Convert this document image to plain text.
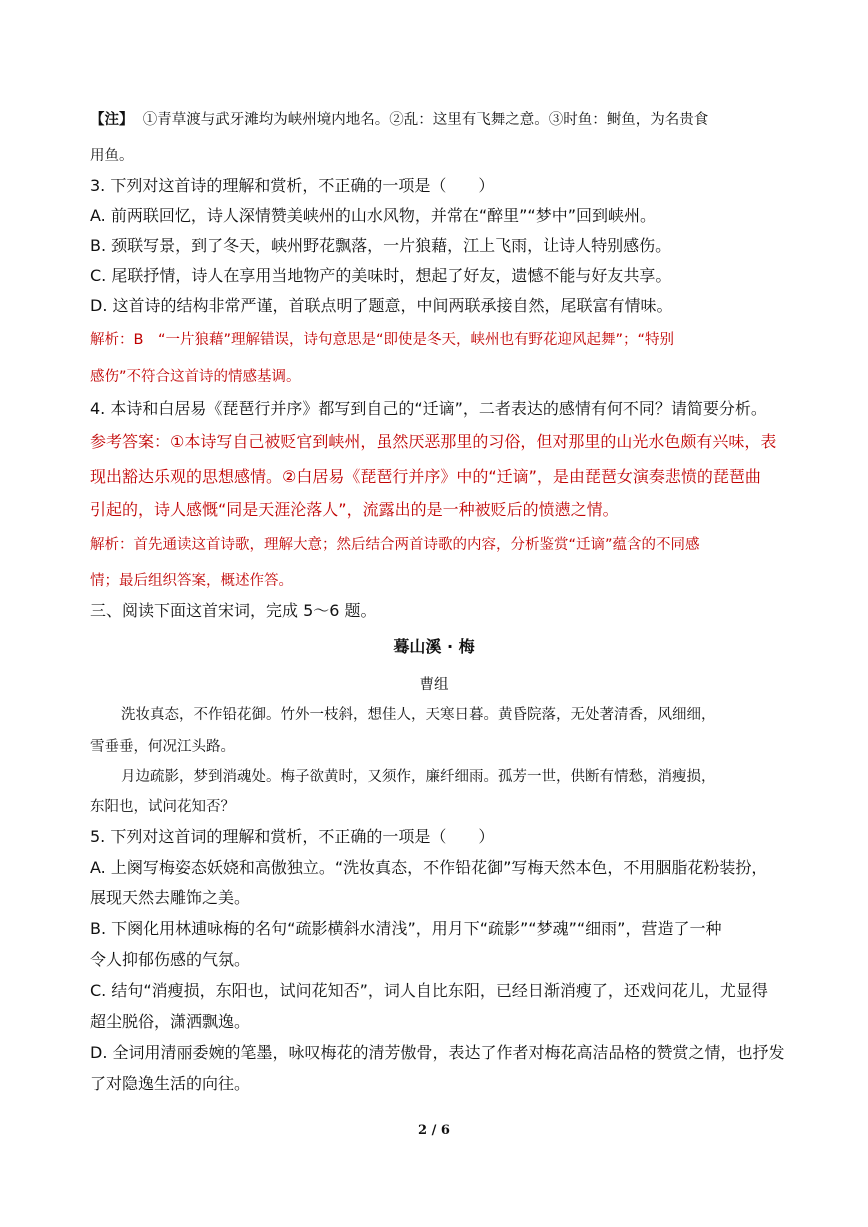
【注】 ①青草渡与武牙滩均为峡州境内地名。②乱：这里有飞舞之意。③时鱼：鲥鱼，为名贵食
用鱼。
3. 下列对这首诗的理解和赏析，不正确的一项是（　　）
A. 前两联回忆，诗人深情赞美峡州的山水风物，并常在“醉里”“梦中”回到峡州。
B. 颈联写景，到了冬天，峡州野花飘落，一片狼藉，江上飞雨，让诗人特别感伤。
C. 尾联抒情，诗人在享用当地物产的美味时，想起了好友，遗憾不能与好友共享。
D. 这首诗的结构非常严谨，首联点明了题意，中间两联承接自然，尾联富有情味。
解析：B　“一片狼藉”理解错误，诗句意思是“即使是冬天，峡州也有野花迎风起舞”；“特别
感伤”不符合这首诗的情感基调。
4. 本诗和白居易《琵琶行并序》都写到自己的“迁谪”，二者表达的感情有何不同？请简要分析。
参考答案：①本诗写自己被贬官到峡州，虽然厌恶那里的习俗，但对那里的山光水色颇有兴味，表
现出豁达乐观的思想感情。②白居易《琵琶行并序》中的“迁谪”，是由琵琶女演奏悲愤的琵琶曲
引起的，诗人感慨“同是天涯沦落人”，流露出的是一种被贬后的愤懑之情。
解析：首先通读这首诗歌，理解大意；然后结合两首诗歌的内容，分析鉴赏“迁谪”蕴含的不同感
情；最后组织答案，概述作答。
三、阅读下面这首宋词，完成 5～6 题。
蓦山溪 · 梅
曹组
洗妆真态，不作铅花御。竹外一枝斜，想佳人，天寒日暮。黄昏院落，无处著清香，风细细，
雪垂垂，何况江头路。
月边疏影，梦到消魂处。梅子欲黄时，又须作，廉纤细雨。孤芳一世，供断有情愁，消瘦损，
东阳也，试问花知否？
5. 下列对这首词的理解和赏析，不正确的一项是（　　）
A. 上阕写梅姿态妖娆和高傲独立。“洗妆真态，不作铅花御”写梅天然本色，不用胭脂花粉装扮，
展现天然去雕饰之美。
B. 下阕化用林逋咏梅的名句“疏影横斜水清浅”，用月下“疏影”“梦魂”“细雨”，营造了一种
令人抑郁伤感的气氛。
C. 结句“消瘦损，东阳也，试问花知否”，词人自比东阳，已经日渐消瘦了，还戏问花儿，尤显得
超尘脱俗，潇洒飘逸。
D. 全词用清丽委婉的笔墨，咏叹梅花的清芳傲骨，表达了作者对梅花高洁品格的赞赏之情，也抒发
了对隐逸生活的向往。
2 / 6
